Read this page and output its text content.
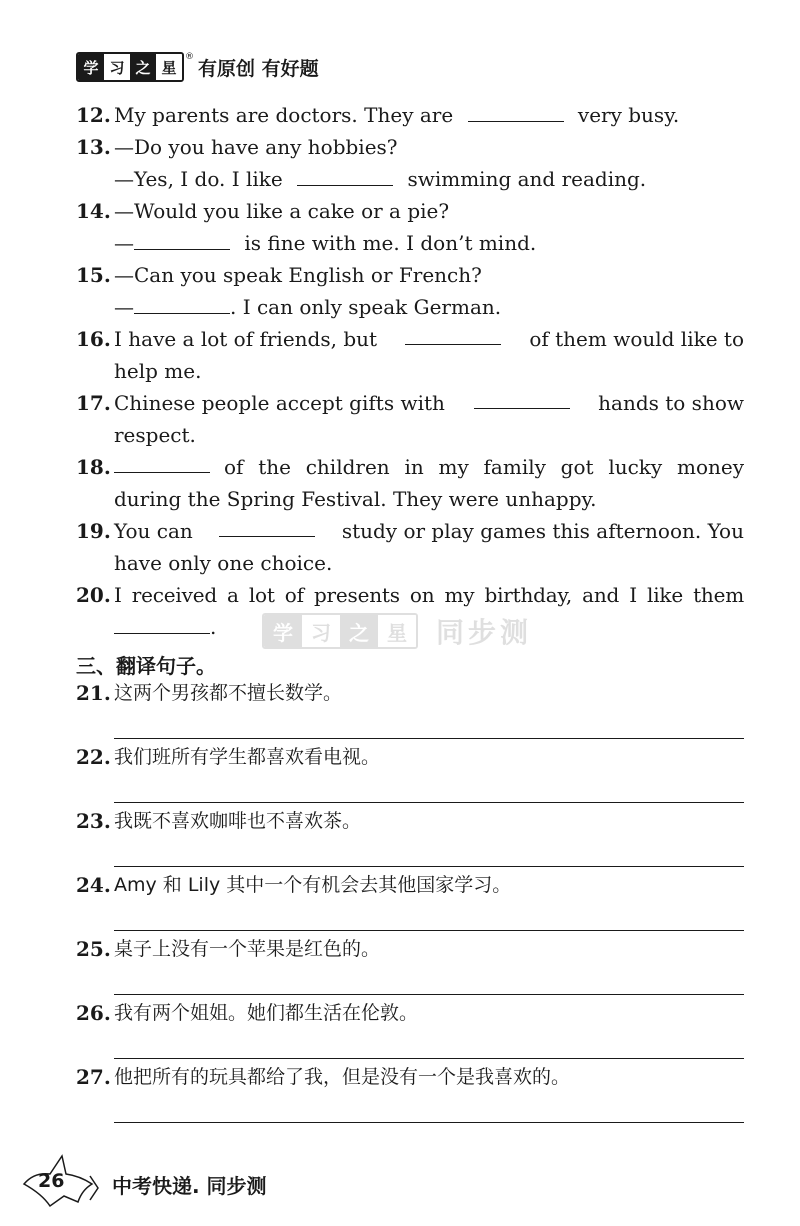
学 习 之 星
®
有原创 有好题
12. My parents are doctors. They are	very busy.
13. —Do you have any hobbies?
—Yes, I do. I like	swimming and reading.
14. —Would you like a cake or a pie?
—	is fine with me. I don’t mind.
15. —Can you speak English or French?
—	. I can only speak German.
16. I have a lot of friends, but	of them would like to
help me.
17. Chinese people accept gifts with	hands to show
respect.
18.	of the children in my family got lucky money
during the Spring Festival. They were unhappy.
19. You can	study or play games this afternoon. You
have only one choice.
20. I received a lot of presents on my birthday, and I like them
.	学 习 之 星	同步测
三、翻译句子。
21. 这两个男孩都不擅长数学。
22. 我们班所有学生都喜欢看电视。
23. 我既不喜欢咖啡也不喜欢茶。
24. Amy 和 Lily 其中一个有机会去其他国家学习。
25. 桌子上没有一个苹果是红色的。
26. 我有两个姐姐。她们都生活在伦敦。
27. 他把所有的玩具都给了我，但是没有一个是我喜欢的。
26 中考快递. 同步测
